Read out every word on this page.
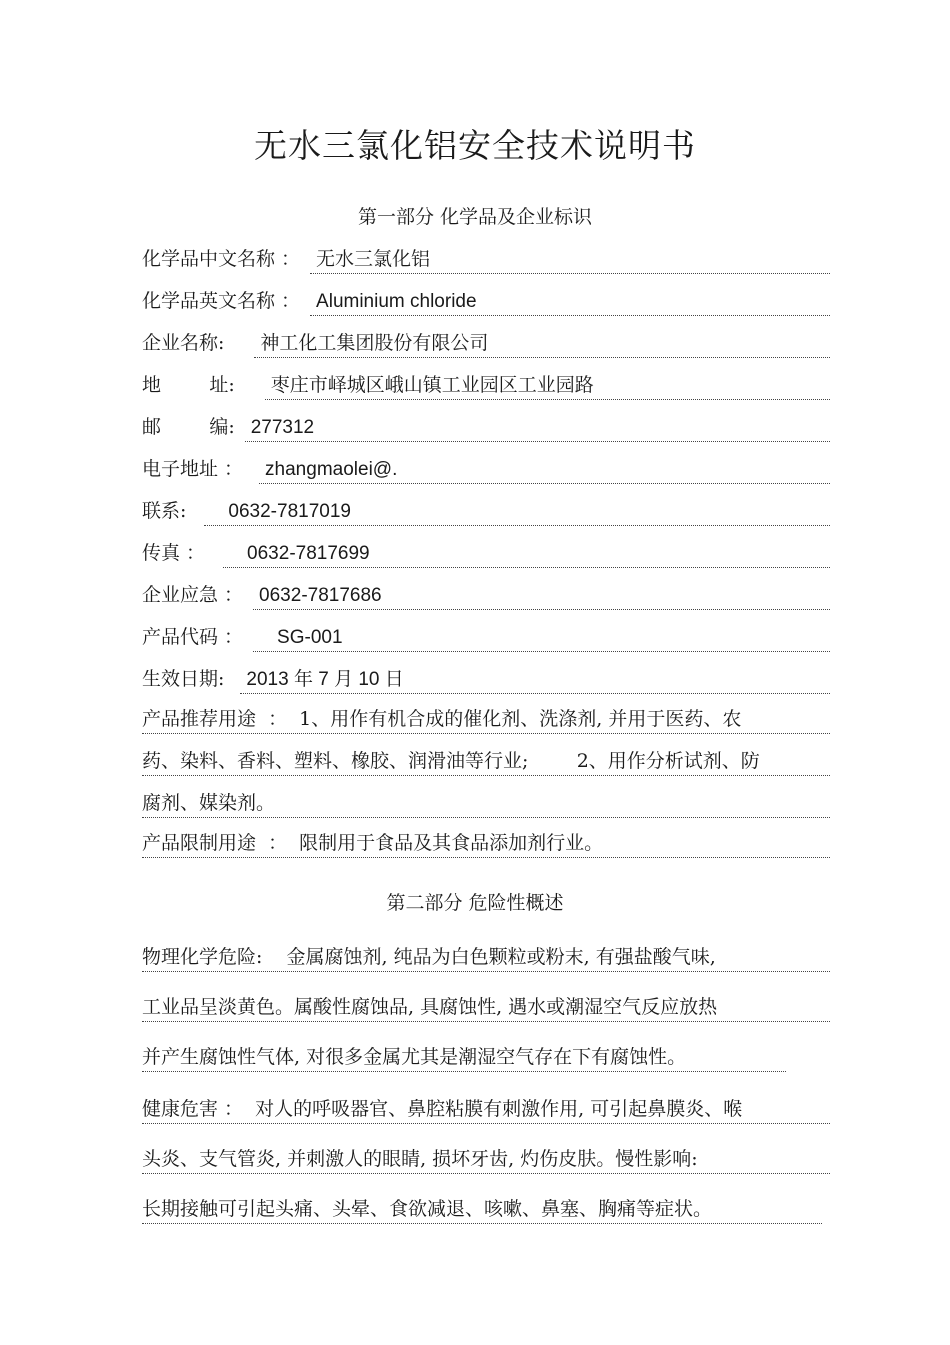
无水三氯化铝安全技术说明书
第一部分 化学品及企业标识
化学品中文名称 ： 无水三氯化铝
化学品英文名称 ： Aluminium chloride
企业名称:	神工化工集团股份有限公司
地        址:	枣庄市峄城区峨山镇工业园区工业园路
邮        编: 277312
电子地址 ：	zhangmaolei@.
联系:	0632-7817019
传真 ：	0632-7817699
企业应急 ： 0632-7817686
产品代码 ：	SG-001
生效日期:	2013 年 7 月 10 日
产品推荐用途  ：  1、用作有机合成的催化剂、洗涤剂, 并用于医药、农
药、染料、香料、塑料、橡胶、润滑油等行业;        2、用作分析试剂、防
腐剂、媒染剂。
产品限制用途  ：  限制用于食品及其食品添加剂行业。
第二部分 危险性概述
物理化学危险:    金属腐蚀剂, 纯品为白色颗粒或粉末, 有强盐酸气味,
工业品呈淡黄色。属酸性腐蚀品, 具腐蚀性, 遇水或潮湿空气反应放热
并产生腐蚀性气体, 对很多金属尤其是潮湿空气存在下有腐蚀性。
健康危害 ：  对人的呼吸器官、鼻腔粘膜有刺激作用, 可引起鼻膜炎、喉
头炎、支气管炎, 并刺激人的眼睛, 损坏牙齿, 灼伤皮肤。慢性影响:
长期接触可引起头痛、头晕、食欲减退、咳嗽、鼻塞、胸痛等症状。
